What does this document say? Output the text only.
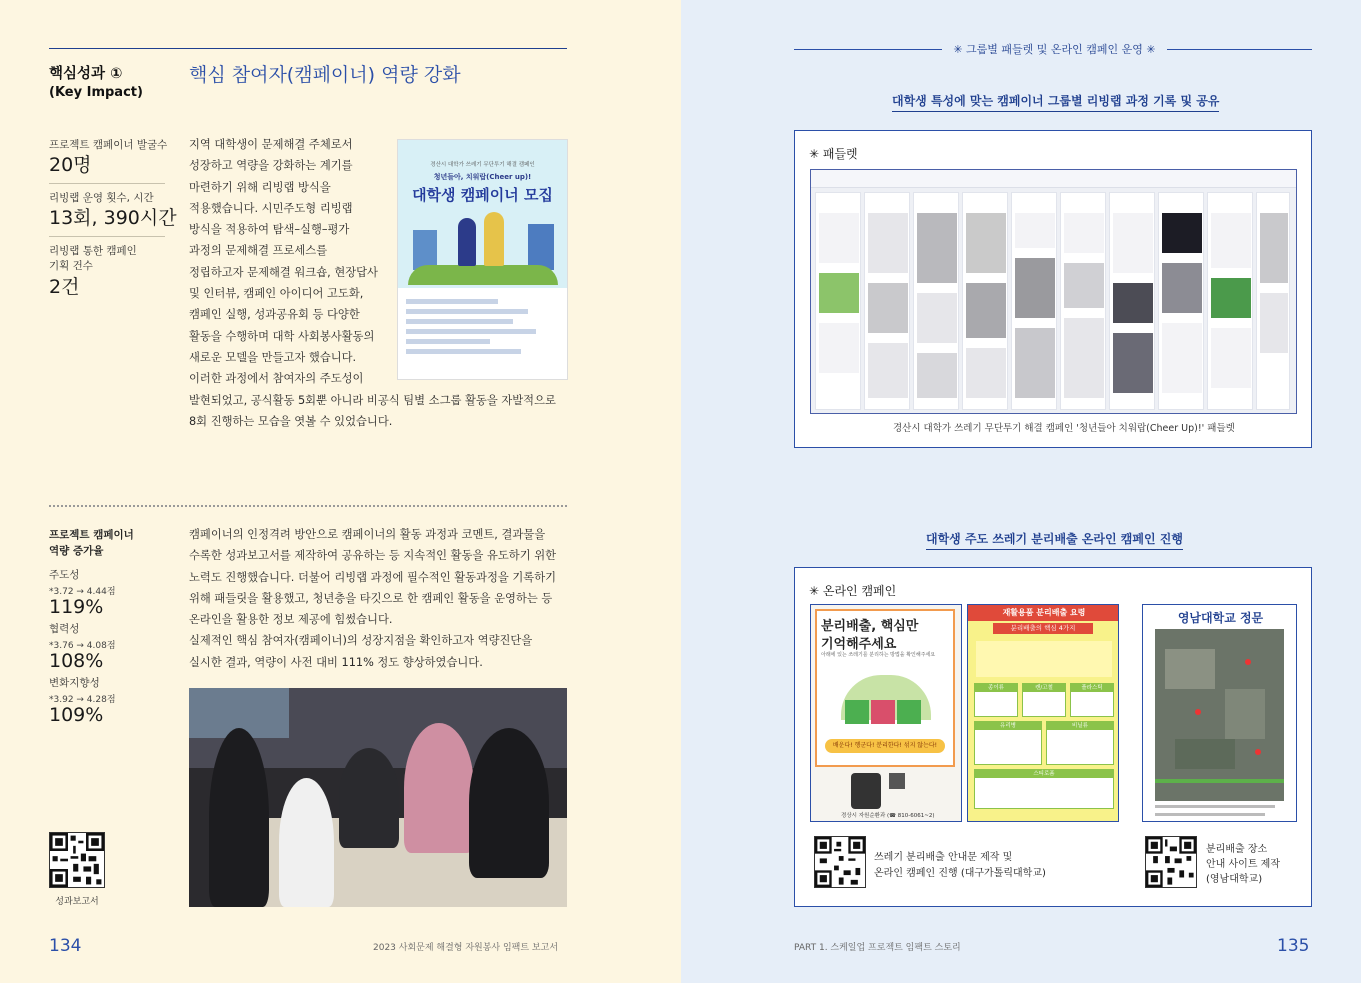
핵심성과 ①
(Key Impact)
핵심 참여자(캠페이너) 역량 강화
프로젝트 캠페이너 발굴수
20명
리빙랩 운영 횟수, 시간
13회, 390시간
리빙랩 통한 캠페인
기획 건수
2건
지역 대학생이 문제해결 주체로서
성장하고 역량을 강화하는 계기를
마련하기 위해 리빙랩 방식을
적용했습니다. 시민주도형 리빙랩
방식을 적용하여 탐색–실행–평가
과정의 문제해결 프로세스를
정립하고자 문제해결 워크숍, 현장답사
및 인터뷰, 캠페인 아이디어 고도화,
캠페인 실행, 성과공유회 등 다양한
활동을 수행하며 대학 사회봉사활동의
새로운 모델을 만들고자 했습니다.
이러한 과정에서 참여자의 주도성이
발현되었고, 공식활동 5회뿐 아니라 비공식 팀별 소그룹 활동을 자발적으로
8회 진행하는 모습을 엿볼 수 있었습니다.
경산시 대학가 쓰레기 무단투기 해결 캠페인
청년들아, 치워랍(Cheer up)!
대학생 캠페이너 모집
프로젝트 캠페이너
역량 증가율
주도성
*3.72 → 4.44점
119%
협력성
*3.76 → 4.08점
108%
변화지향성
*3.92 → 4.28점
109%
캠페이너의 인정격려 방안으로 캠페이너의 활동 과정과 코멘트, 결과물을
수록한 성과보고서를 제작하여 공유하는 등 지속적인 활동을 유도하기 위한
노력도 진행했습니다. 더불어 리빙랩 과정에 필수적인 활동과정을 기록하기
위해 패들릿을 활용했고, 청년층을 타깃으로 한 캠페인 활동을 운영하는 등
온라인을 활용한 정보 제공에 힘썼습니다.
실제적인 핵심 참여자(캠페이너)의 성장지점을 확인하고자 역량진단을
실시한 결과, 역량이 사전 대비 111% 정도 향상하였습니다.
성과보고서
134	2023 사회문제 해결형 자원봉사 임팩트 보고서
✳ 그룹별 패들렛 및 온라인 캠페인 운영 ✳
대학생 특성에 맞는 캠페이너 그룹별 리빙랩 과정 기록 및 공유
✳ 패들렛
경산시 대학가 쓰레기 무단투기 해결 캠페인 '청년들아 치워랍(Cheer Up)!' 패들렛
대학생 주도 쓰레기 분리배출 온라인 캠페인 진행
✳ 온라인 캠페인
분리배출, 핵심만
기억해주세요
아래에 있는 쓰레기를 분리하는 방법을 확인해주세요
배운다! 헹군다! 분리한다! 섞지 않는다!
경상시 자원순환과 (☎ 810-6061~2)
재활용품 분리배출 요령
분리배출의 핵심 4가지
종이류	캔/고철	플라스틱
유리병	비닐류
스티로폼
영남대학교 정문
쓰레기 분리배출 안내문 제작 및
온라인 캠페인 진행 (대구가톨릭대학교)
분리배출 장소
안내 사이트 제작
(영남대학교)
PART 1. 스케일업 프로젝트 임팩트 스토리	135
